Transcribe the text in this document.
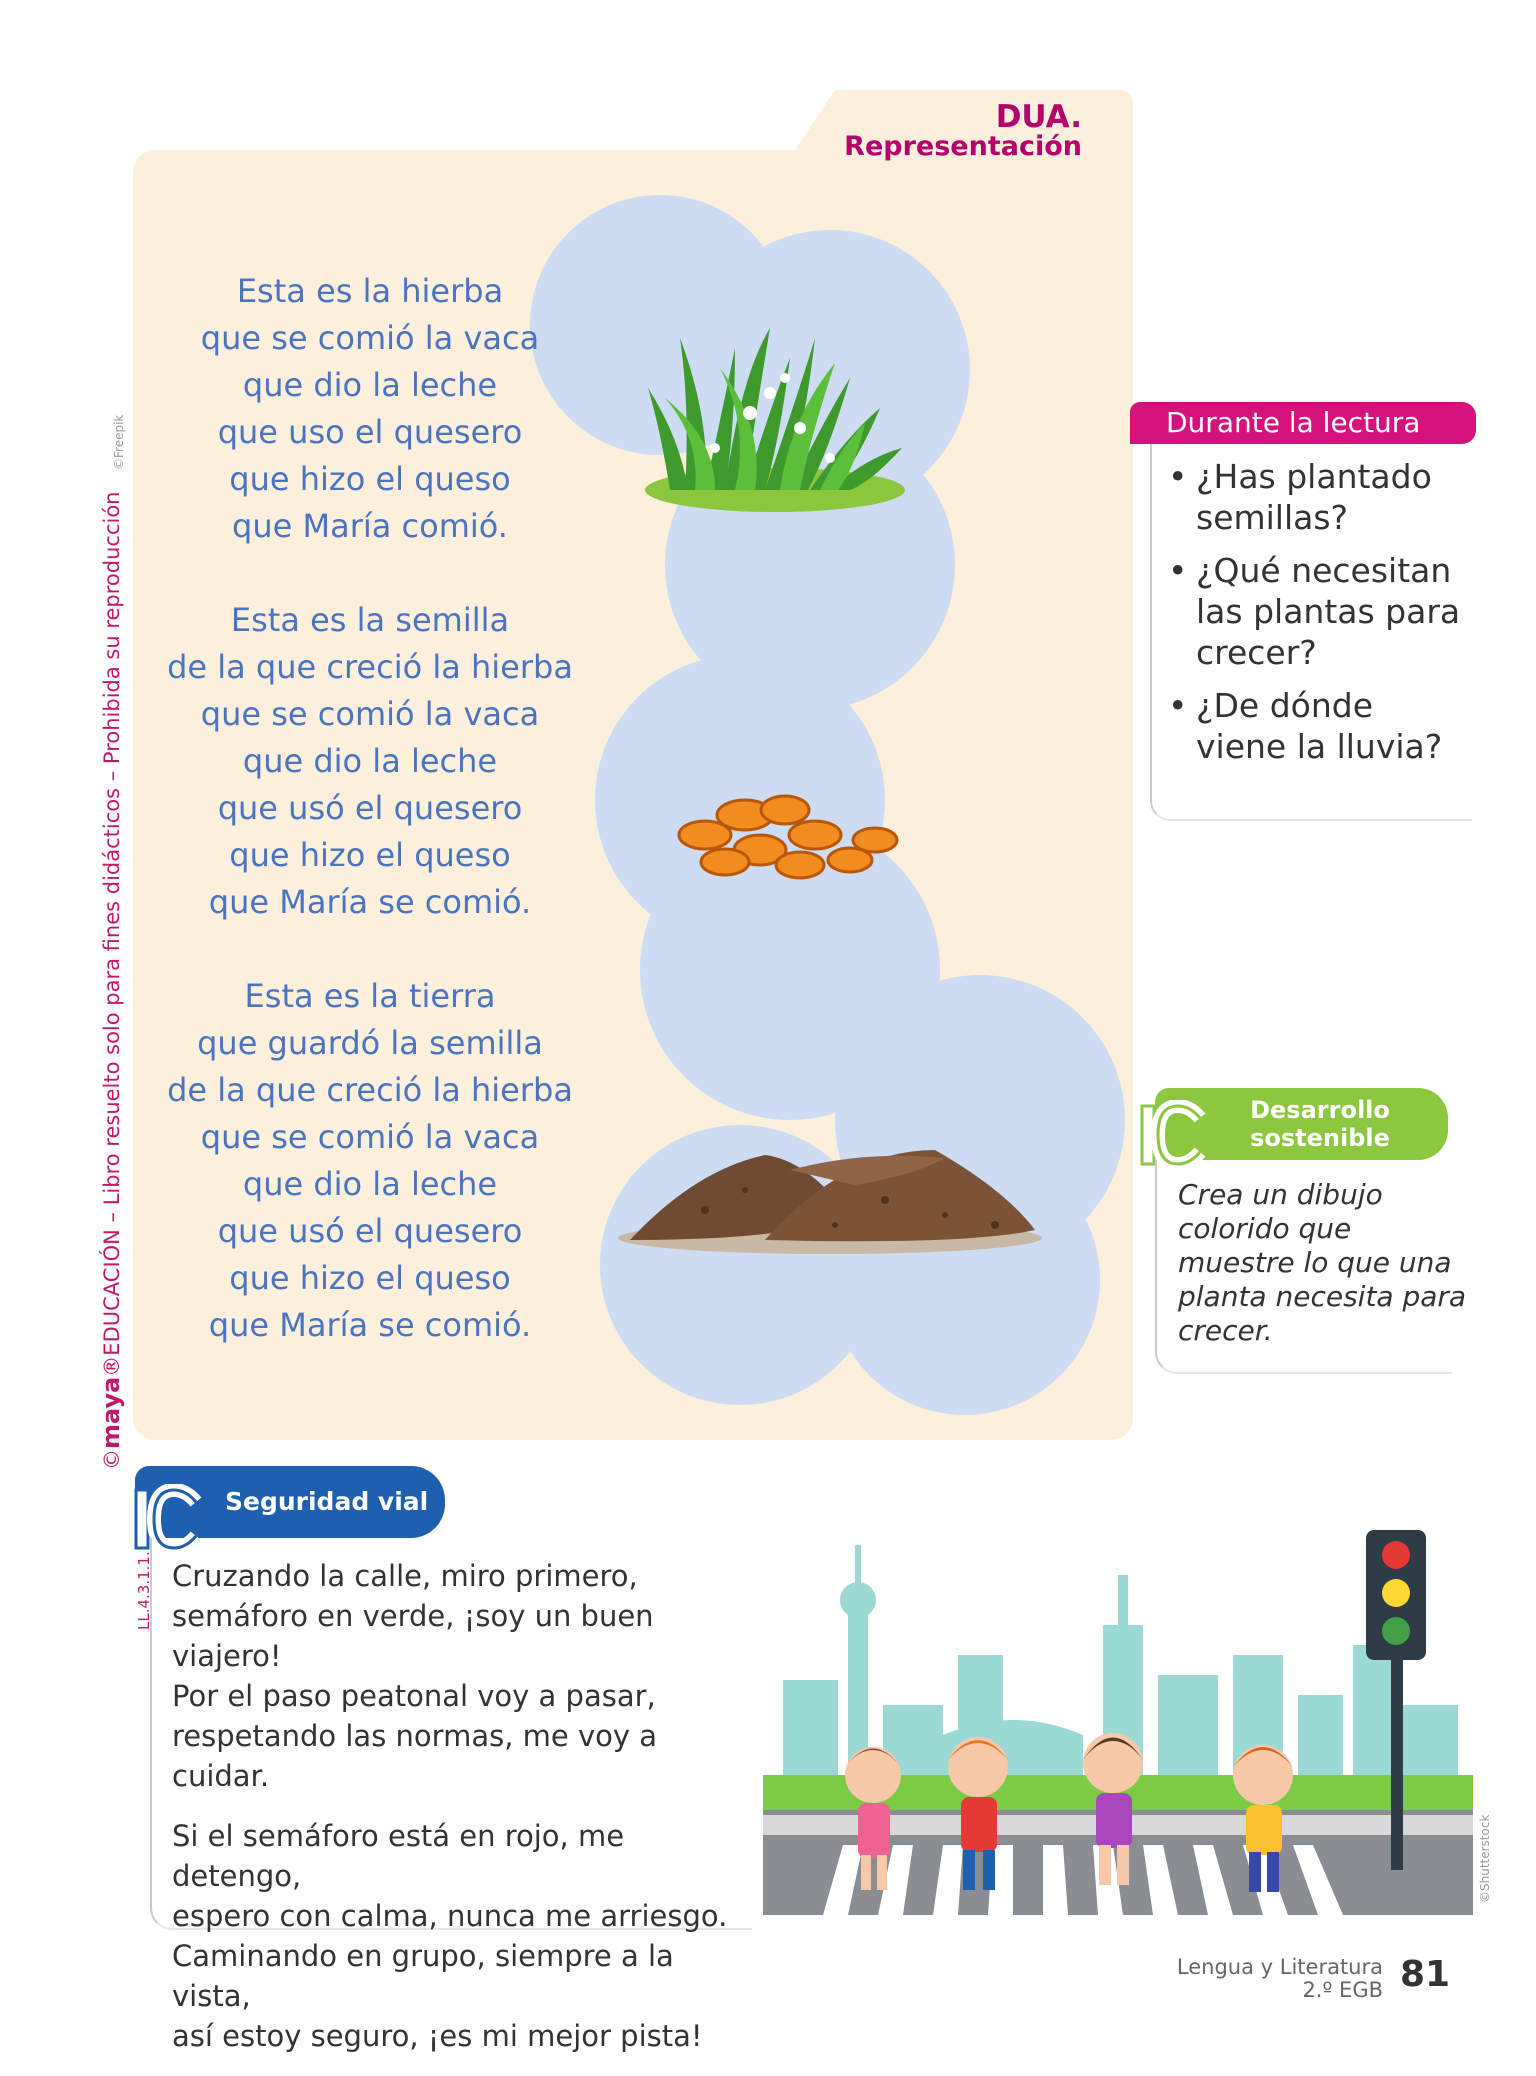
DUA.
Representación
Esta es la hierba
que se comió la vaca
que dio la leche
que uso el quesero
que hizo el queso
que María comió.
Esta es la semilla
de la que creció la hierba
que se comió la vaca
que dio la leche
que usó el quesero
que hizo el queso
que María se comió.
Esta es la tierra
que guardó la semilla
de la que creció la hierba
que se comió la vaca
que dio la leche
que usó el quesero
que hizo el queso
que María se comió.
©maya®EDUCACIÓN – Libro resuelto solo para fines didácticos – Prohibida su reproducción
©Freepik
LL.4.3.1.1.
©Shutterstock
Durante la lectura
• ¿Has plantado semillas?
• ¿Qué necesitan las plantas para crecer?
• ¿De dónde viene la lluvia?
Desarrollo sostenible
Crea un dibujo colorido que muestre lo que una planta necesita para crecer.
Seguridad vial

Cruzando la calle, miro primero,
semáforo en verde, ¡soy un buen viajero!
Por el paso peatonal voy a pasar,
respetando las normas, me voy a cuidar.

Si el semáforo está en rojo, me detengo,
espero con calma, nunca me arriesgo.
Caminando en grupo, siempre a la vista,
así estoy seguro, ¡es mi mejor pista!

Lengua y Literatura
2.º EGB 81
